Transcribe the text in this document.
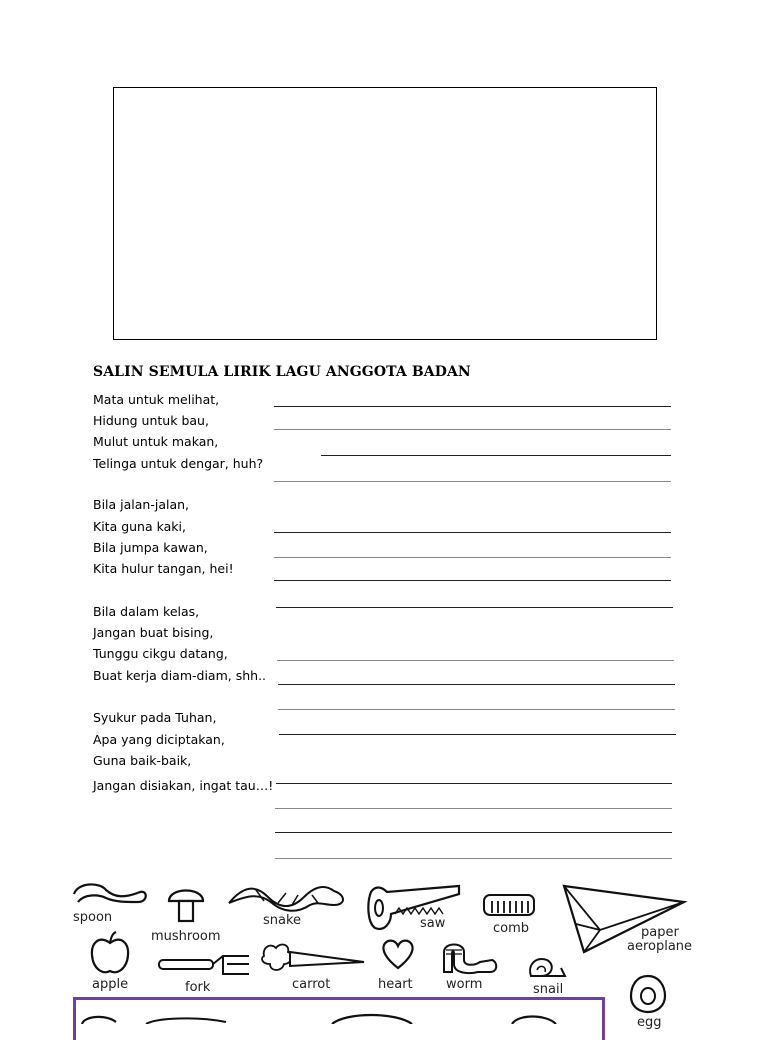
SALIN SEMULA LIRIK LAGU ANGGOTA BADAN
Mata untuk melihat,
Hidung untuk bau,
Mulut untuk makan,
Telinga untuk dengar, huh?
Bila jalan-jalan,
Kita guna kaki,
Bila jumpa kawan,
Kita hulur tangan, hei!
Bila dalam kelas,
Jangan buat bising,
Tunggu cikgu datang,
Buat kerja diam-diam, shh..
Syukur pada Tuhan,
Apa yang diciptakan,
Guna baik-baik,
Jangan disiakan, ingat tau…!
spoon
mushroom
snake	saw	comb	paper
aeroplane
apple	fork	carrot	heart	worm	snail
egg
